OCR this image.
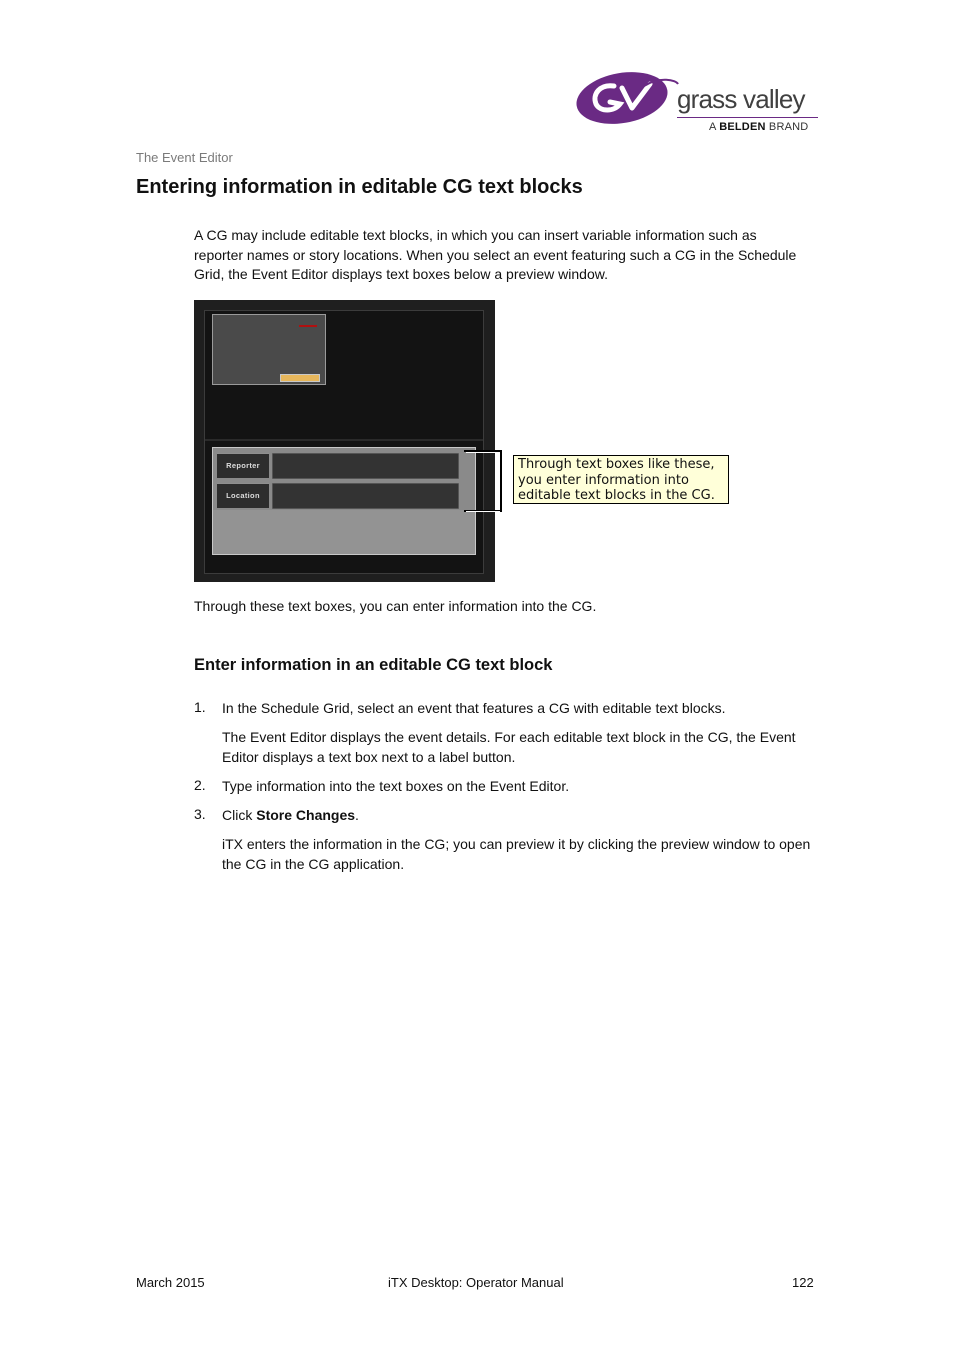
grass valley
A BELDEN BRAND
The Event Editor
Entering information in editable CG text blocks
A CG may include editable text blocks, in which you can insert variable information such as reporter names or story locations. When you select an event featuring such a CG in the Schedule Grid, the Event Editor displays text boxes below a preview window.
Reporter
Location
Through text boxes like these, you enter information into editable text blocks in the CG.
Through these text boxes, you can enter information into the CG.
Enter information in an editable CG text block
1. In the Schedule Grid, select an event that features a CG with editable text blocks.
The Event Editor displays the event details. For each editable text block in the CG, the Event Editor displays a text box next to a label button.
2. Type information into the text boxes on the Event Editor.
3. Click Store Changes.
iTX enters the information in the CG; you can preview it by clicking the preview window to open the CG in the CG application.
March 2015	iTX Desktop: Operator Manual	122
